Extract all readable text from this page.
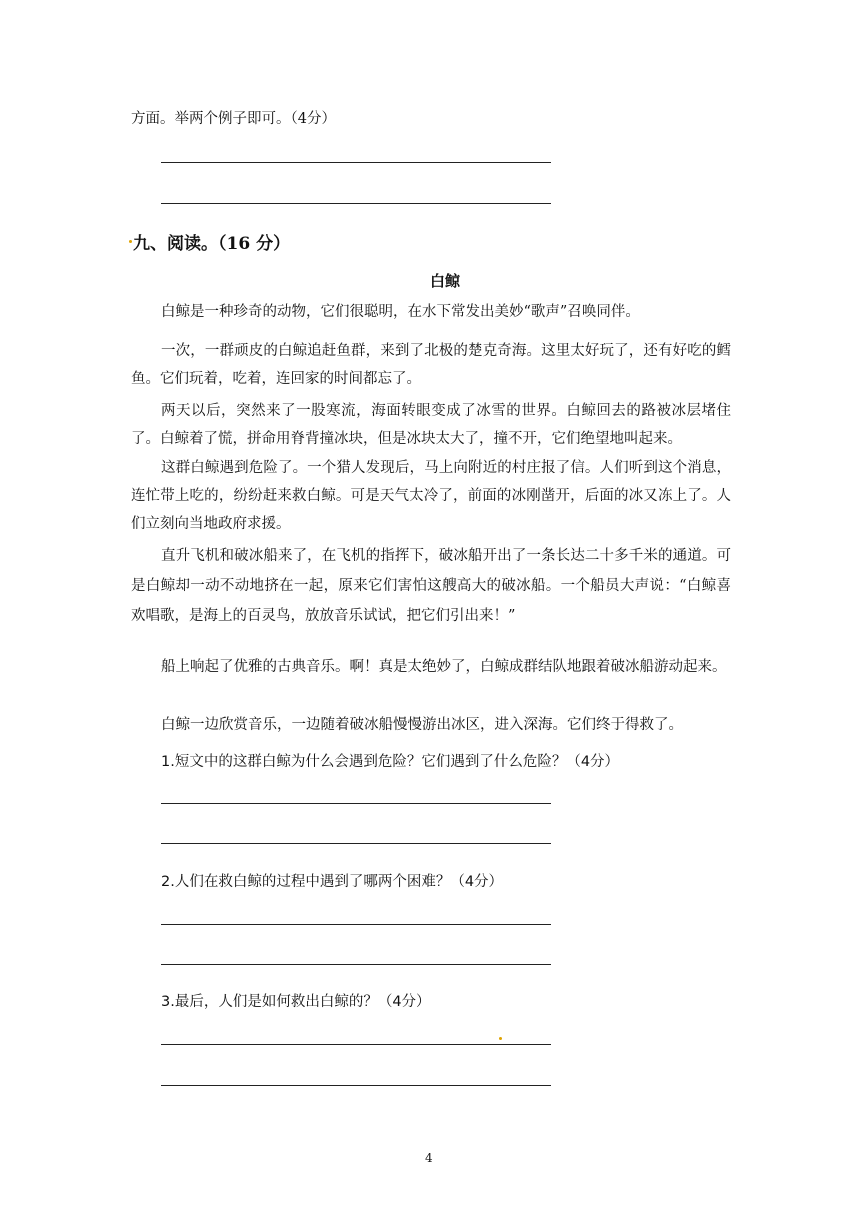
方面。举两个例子即可。（4分）
九、阅读。（16 分）
白鲸
白鲸是一种珍奇的动物，它们很聪明，在水下常发出美妙“歌声”召唤同伴。
一次，一群顽皮的白鲸追赶鱼群，来到了北极的楚克奇海。这里太好玩了，还有好吃的鳕鱼。它们玩着，吃着，连回家的时间都忘了。
两天以后，突然来了一股寒流，海面转眼变成了冰雪的世界。白鲸回去的路被冰层堵住了。白鲸着了慌，拼命用脊背撞冰块，但是冰块太大了，撞不开，它们绝望地叫起来。
这群白鲸遇到危险了。一个猎人发现后，马上向附近的村庄报了信。人们听到这个消息，连忙带上吃的，纷纷赶来救白鲸。可是天气太冷了，前面的冰刚凿开，后面的冰又冻上了。人们立刻向当地政府求援。
直升飞机和破冰船来了，在飞机的指挥下，破冰船开出了一条长达二十多千米的通道。可是白鲸却一动不动地挤在一起，原来它们害怕这艘高大的破冰船。一个船员大声说：“白鲸喜欢唱歌，是海上的百灵鸟，放放音乐试试，把它们引出来！”
船上响起了优雅的古典音乐。啊！真是太绝妙了，白鲸成群结队地跟着破冰船游动起来。
白鲸一边欣赏音乐，一边随着破冰船慢慢游出冰区，进入深海。它们终于得救了。
1.短文中的这群白鲸为什么会遇到危险？它们遇到了什么危险？（4分）
2.人们在救白鲸的过程中遇到了哪两个困难？（4分）
3.最后，人们是如何救出白鲸的？（4分）
4
